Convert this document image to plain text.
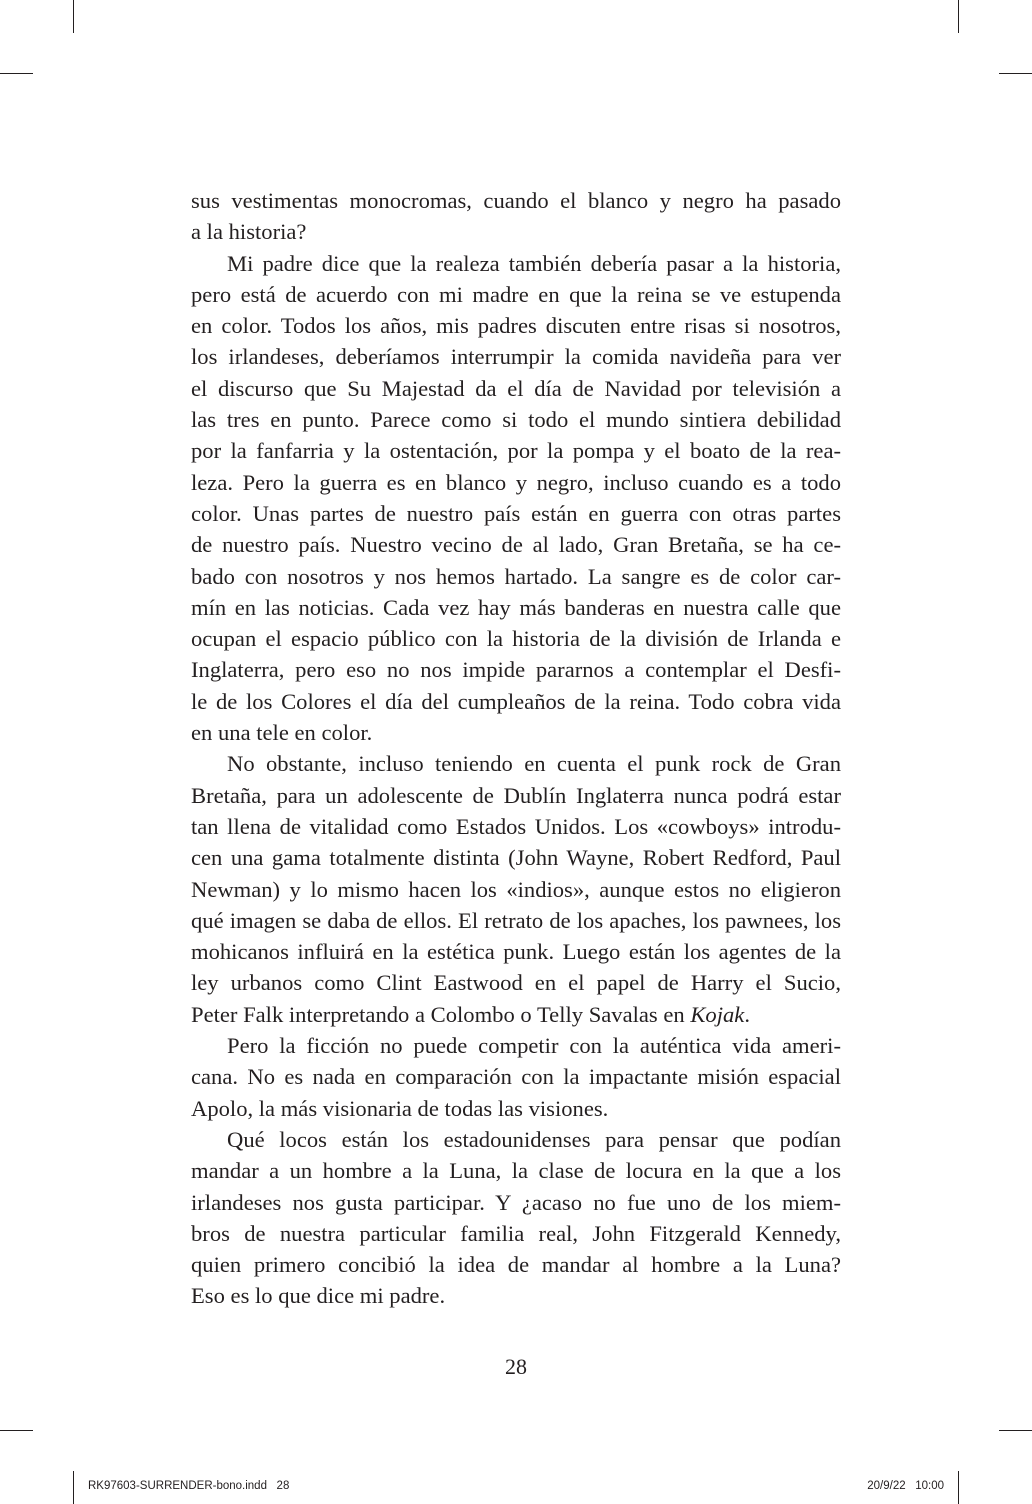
sus vestimentas monocromas, cuando el blanco y negro ha pasado
a la historia?
Mi padre dice que la realeza también debería pasar a la historia,
pero está de acuerdo con mi madre en que la reina se ve estupenda
en color. Todos los años, mis padres discuten entre risas si nosotros,
los irlandeses, deberíamos interrumpir la comida navideña para ver
el discurso que Su Majestad da el día de Navidad por televisión a
las tres en punto. Parece como si todo el mundo sintiera debilidad
por la fanfarria y la ostentación, por la pompa y el boato de la rea-
leza. Pero la guerra es en blanco y negro, incluso cuando es a todo
color. Unas partes de nuestro país están en guerra con otras partes
de nuestro país. Nuestro vecino de al lado, Gran Bretaña, se ha ce-
bado con nosotros y nos hemos hartado. La sangre es de color car-
mín en las noticias. Cada vez hay más banderas en nuestra calle que
ocupan el espacio público con la historia de la división de Irlanda e
Inglaterra, pero eso no nos impide pararnos a contemplar el Desfi-
le de los Colores el día del cumpleaños de la reina. Todo cobra vida
en una tele en color.
No obstante, incluso teniendo en cuenta el punk rock de Gran
Bretaña, para un adolescente de Dublín Inglaterra nunca podrá estar
tan llena de vitalidad como Estados Unidos. Los «cowboys» introdu-
cen una gama totalmente distinta (John Wayne, Robert Redford, Paul
Newman) y lo mismo hacen los «indios», aunque estos no eligieron
qué imagen se daba de ellos. El retrato de los apaches, los pawnees, los
mohicanos influirá en la estética punk. Luego están los agentes de la
ley urbanos como Clint Eastwood en el papel de Harry el Sucio,
Peter Falk interpretando a Colombo o Telly Savalas en Kojak.
Pero la ficción no puede competir con la auténtica vida ameri-
cana. No es nada en comparación con la impactante misión espacial
Apolo, la más visionaria de todas las visiones.
Qué locos están los estadounidenses para pensar que podían
mandar a un hombre a la Luna, la clase de locura en la que a los
irlandeses nos gusta participar. Y ¿acaso no fue uno de los miem-
bros de nuestra particular familia real, John Fitzgerald Kennedy,
quien primero concibió la idea de mandar al hombre a la Luna?
Eso es lo que dice mi padre.
28
RK97603-SURRENDER-bono.indd   28	20/9/22   10:00
